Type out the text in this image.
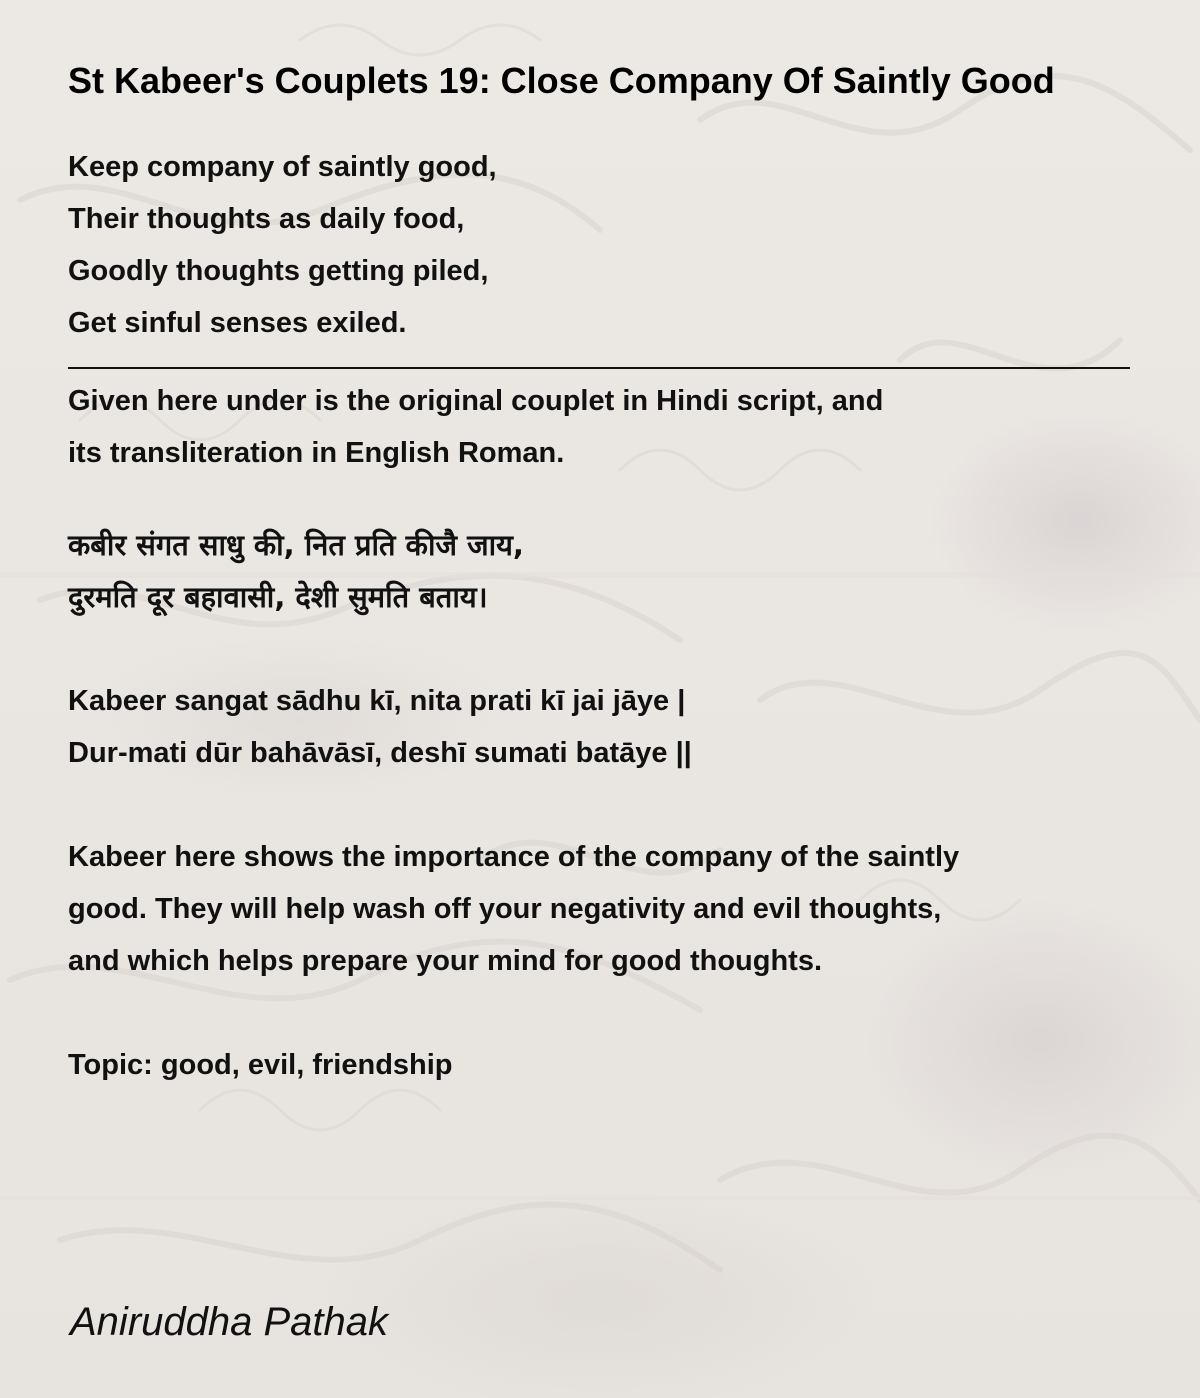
St Kabeer's Couplets 19: Close Company Of Saintly Good
Keep company of saintly good,
Their thoughts as daily food,
Goodly thoughts getting piled,
Get sinful senses exiled.
Given here under is the original couplet in Hindi script, and
its transliteration in English Roman.
कबीर संगत साधु की, नित प्रति कीजै जाय,
दुरमति दूर बहावासी, देशी सुमति बताय।
Kabeer sangat sādhu kī, nita prati kī jai jāye |
Dur-mati dūr bahāvāsī, deshī sumati batāye ||
Kabeer here shows the importance of the company of the saintly
good. They will help wash off your negativity and evil thoughts,
and which helps prepare your mind for good thoughts.
Topic: good, evil, friendship
Aniruddha Pathak
